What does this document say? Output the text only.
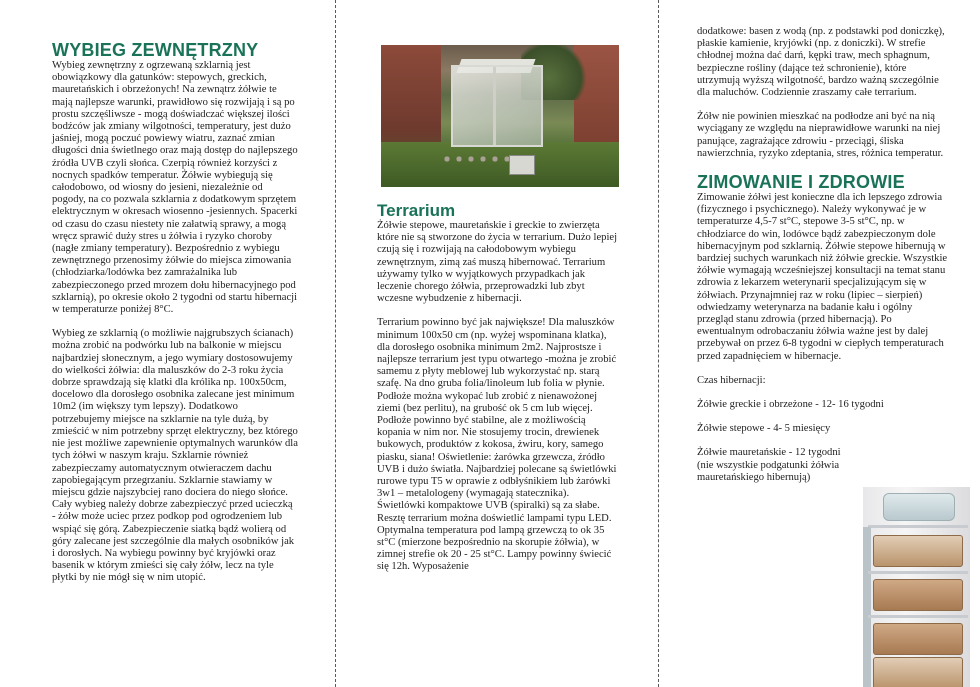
WYBIEG ZEWNĘTRZNY

Wybieg zewnętrzny z ogrzewaną szklarnią jest obowiązkowy dla gatunków: stepowych, greckich, mauretańskich i obrzeżonych! Na zewnątrz żółwie te mają najlepsze warunki, prawidłowo się rozwijają i są po prostu szczęśliwsze - mogą doświadczać większej ilości bodźców jak zmiany wilgotności, temperatury, jest dużo jaśniej, mogą poczuć powiewy wiatru, zaznać zmian długości dnia świetlnego oraz mają dostęp do najlepszego źródła UVB czyli słońca. Czerpią również korzyści z nocnych spadków temperatur. Żółwie wybiegują się całodobowo, od wiosny do jesieni, niezależnie od pogody, na co pozwala szklarnia z dodatkowym sprzętem elektrycznym w okresach wiosenno -jesiennych. Spacerki od czasu do czasu niestety nie załatwią sprawy, a mogą wręcz sprawić duży stres u żółwia i ryzyko choroby (nagłe zmiany temperatury). Bezpośrednio z wybiegu zewnętrznego przenosimy żółwie do miejsca zimowania (chłodziarka/lodówka bez zamrażalnika lub zabezpieczonego przed mrozem dołu hibernacyjnego pod szklarnią), po okresie około 2 tygodni od startu hibernacji w temperaturze poniżej 8°C.

Wybieg ze szklarnią (o możliwie najgrubszych ścianach) można zrobić na podwórku lub na balkonie w miejscu najbardziej słonecznym, a jego wymiary dostosowujemy do wielkości żółwia: dla maluszków do 2-3 roku życia dobrze sprawdzają się klatki dla królika np. 100x50cm, docelowo dla dorosłego osobnika zalecane jest minimum 10m2 (im większy tym lepszy). Dodatkowo potrzebujemy miejsce na szklarnie na tyle dużą, by zmieścić w nim potrzebny sprzęt elektryczny, bez którego nie jest możliwe zapewnienie optymalnych warunków dla tych żółwi w naszym kraju. Szklarnie również zabezpieczamy automatycznym otwieraczem dachu zapobiegającym przegrzaniu. Szklarnie stawiamy w miejscu gdzie najszybciej rano dociera do niego słońce. Cały wybieg należy dobrze zabezpieczyć przed ucieczką - żółw może uciec przez podkop pod ogrodzeniem lub wspiąć się górą. Zabezpieczenie siatką bądź wolierą od góry zalecane jest szczególnie dla małych osobników jak i dorosłych. Na wybiegu powinny być kryjówki oraz basenik w którym zmieści się cały żółw, lecz na tyle płytki by nie mógł się w nim utopić.

Terrarium

Żółwie stepowe, mauretańskie i greckie to zwierzęta które nie są stworzone do życia w terrarium. Dużo lepiej czują się i rozwijają na całodobowym wybiegu zewnętrznym, zimą zaś muszą hibernować. Terrarium używamy tylko w wyjątkowych przypadkach jak leczenie chorego żółwia, przeprowadzki lub zbyt wczesne wybudzenie z hibernacji.

Terrarium powinno być jak największe! Dla maluszków minimum 100x50 cm (np. wyżej wspominana klatka), dla dorosłego osobnika minimum 2m2. Najprostsze i najlepsze terrarium jest typu otwartego -można je zrobić samemu z płyty meblowej lub wykorzystać np. starą szafę. Na dno gruba folia/linoleum lub folia w płynie. Podłoże można wykopać lub zrobić z nienawożonej ziemi (bez perlitu), na grubość ok 5 cm lub więcej. Podłoże powinno być stabilne, ale z możliwością kopania w nim nor. Nie stosujemy trocin, drewienek bukowych, produktów z kokosa, żwiru, kory, samego piasku, siana! Oświetlenie: żarówka grzewcza, źródło UVB i dużo światła. Najbardziej polecane są świetlówki rurowe typu T5 w oprawie z odbłyśnikiem lub żarówki 3w1 – metalologeny (wymagają statecznika). Świetlówki kompaktowe UVB (spiralki) są za słabe. Resztę terrarium można doświetlić lampami typu LED.

Optymalna temperatura pod lampą grzewczą to ok 35 st°C (mierzone bezpośrednio na skorupie żółwia), w zimnej strefie ok 20 - 25 st°C. Lampy powinny świecić się 12h. Wyposażenie

dodatkowe: basen z wodą (np. z podstawki pod doniczkę), płaskie kamienie, kryjówki (np. z doniczki). W strefie chłodnej można dać darń, kępki traw, mech sphagnum, bezpieczne rośliny (dające też schronienie), które utrzymują wyższą wilgotność, bardzo ważną szczególnie dla maluchów. Codziennie zraszamy całe terrarium.

Żółw nie powinien mieszkać na podłodze ani być na nią wyciągany ze względu na nieprawidłowe warunki na niej panujące, zagrażające zdrowiu - przeciągi, śliska nawierzchnia, ryzyko zdeptania, stres, różnica temperatur.

ZIMOWANIE I ZDROWIE

Zimowanie żółwi jest konieczne dla ich lepszego zdrowia (fizycznego i psychicznego). Należy wykonywać je w temperaturze 4,5-7 st°C, stepowe 3-5 st°C, np. w chłodziarce do win, lodówce bądź zabezpieczonym dole hibernacyjnym pod szklarnią. Żółwie stepowe hibernują w bardziej suchych warunkach niż żółwie greckie. Wszystkie żółwie wymagają wcześniejszej konsultacji na temat stanu zdrowia z lekarzem weterynarii specjalizującym się w żółwiach. Przynajmniej raz w roku (lipiec – sierpień) odwiedzamy weterynarza na badanie kału i ogólny przegląd stanu zdrowia (przed hibernacją). Po ewentualnym odrobaczaniu żółwia ważne jest by dalej przebywał on przez 6-8 tygodni w ciepłych temperaturach przed zapadnięciem w hibernacje.

Czas hibernacji:

Żółwie greckie i obrzeżone - 12- 16 tygodni

Żółwie stepowe - 4- 5 miesięcy

Żółwie mauretańskie - 12 tygodni

(nie wszystkie podgatunki żółwia mauretańskiego hibernują)
